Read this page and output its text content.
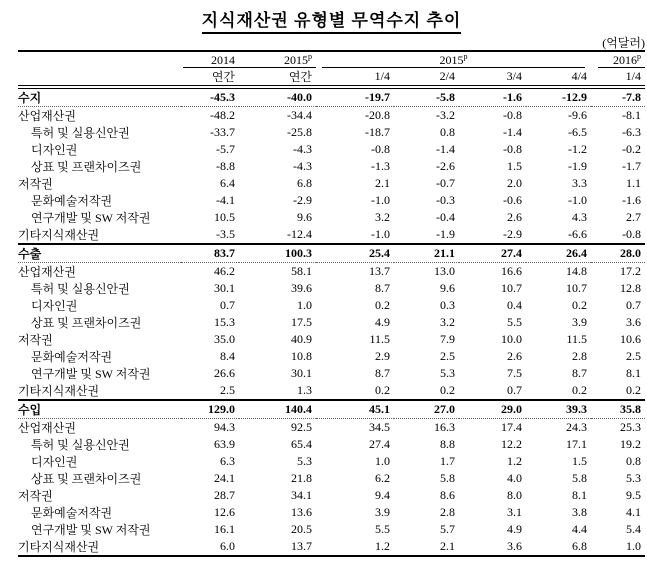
지식재산권 유형별 무역수지 추이
(억달러)

	2014	2015$^p$	2015$^p$				2016$^p$

	연간	연간	1/4	2/4	3/4	4/4	1/4
수지	-45.3	-40.0	-19.7	-5.8	-1.6	-12.9	-7.8
산업재산권	-48.2	-34.4	-20.8	-3.2	-0.8	-9.6	-8.1
특허 및 실용신안권	-33.7	-25.8	-18.7	0.8	-1.4	-6.5	-6.3
디자인권	-5.7	-4.3	-0.8	-1.4	-0.8	-1.2	-0.2
상표 및 프랜차이즈권	-8.8	-4.3	-1.3	-2.6	1.5	-1.9	-1.7
저작권	6.4	6.8	2.1	-0.7	2.0	3.3	1.1
문화예술저작권	-4.1	-2.9	-1.0	-0.3	-0.6	-1.0	-1.6
연구개발 및 SW 저작권	10.5	9.6	3.2	-0.4	2.6	4.3	2.7
기타지식재산권	-3.5	-12.4	-1.0	-1.9	-2.9	-6.6	-0.8
수출	83.7	100.3	25.4	21.1	27.4	26.4	28.0
산업재산권	46.2	58.1	13.7	13.0	16.6	14.8	17.2
특허 및 실용신안권	30.1	39.6	8.7	9.6	10.7	10.7	12.8
디자인권	0.7	1.0	0.2	0.3	0.4	0.2	0.7
상표 및 프랜차이즈권	15.3	17.5	4.9	3.2	5.5	3.9	3.6
저작권	35.0	40.9	11.5	7.9	10.0	11.5	10.6
문화예술저작권	8.4	10.8	2.9	2.5	2.6	2.8	2.5
연구개발 및 SW 저작권	26.6	30.1	8.7	5.3	7.5	8.7	8.1
기타지식재산권	2.5	1.3	0.2	0.2	0.7	0.2	0.2
수입	129.0	140.4	45.1	27.0	29.0	39.3	35.8
산업재산권	94.3	92.5	34.5	16.3	17.4	24.3	25.3
특허 및 실용신안권	63.9	65.4	27.4	8.8	12.2	17.1	19.2
디자인권	6.3	5.3	1.0	1.7	1.2	1.5	0.8
상표 및 프랜차이즈권	24.1	21.8	6.2	5.8	4.0	5.8	5.3
저작권	28.7	34.1	9.4	8.6	8.0	8.1	9.5
문화예술저작권	12.6	13.6	3.9	2.8	3.1	3.8	4.1
연구개발 및 SW 저작권	16.1	20.5	5.5	5.7	4.9	4.4	5.4
기타지식재산권	6.0	13.7	1.2	2.1	3.6	6.8	1.0
